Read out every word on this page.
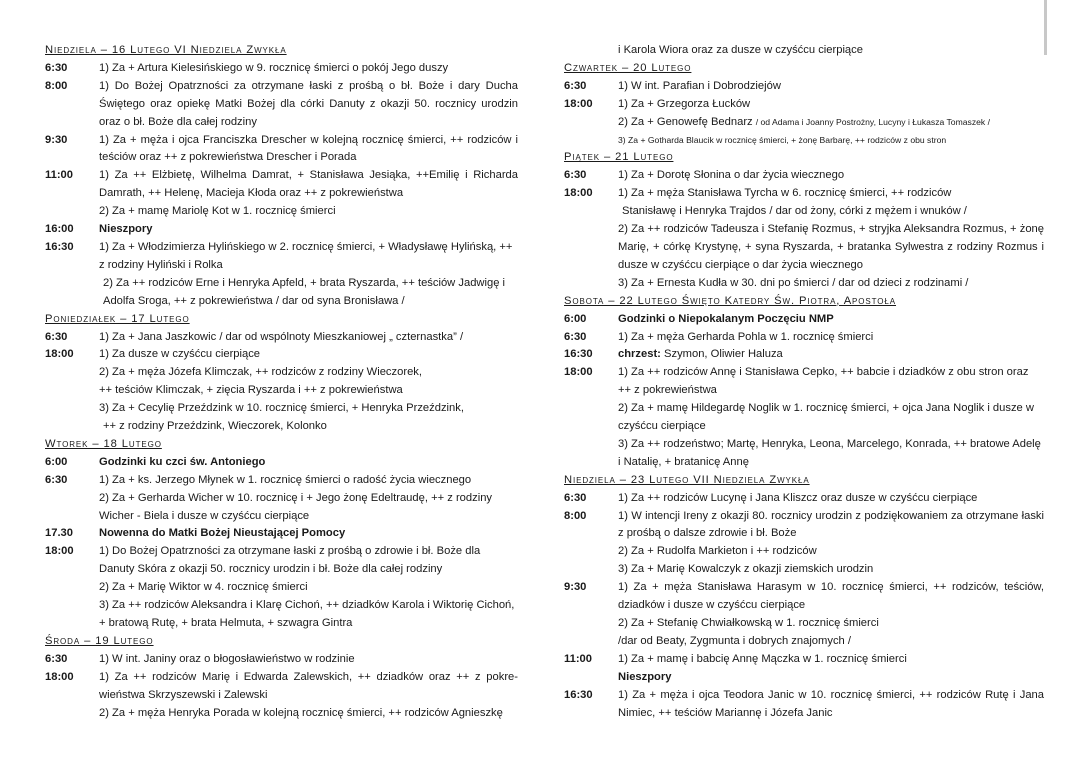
Niedziela – 16 Lutego VI Niedziela Zwykła
6:30	1) Za + Artura Kielesińskiego w 9. rocznicę śmierci o pokój Jego duszy
8:00	1) Do Bożej Opatrzności za otrzymane łaski z prośbą o bł. Boże i dary Ducha Świętego oraz opiekę Matki Bożej dla córki Danuty z okazji 50. rocznicy urodzin oraz o bł. Boże dla całej rodziny
9:30	1) Za + męża i ojca Franciszka Drescher w kolejną rocznicę śmierci, ++ rodziców i teściów oraz ++ z pokrewieństwa Drescher i Porada
11:00	1) Za ++ Elżbietę, Wilhelma Damrat, + Stanisława Jesiąka, ++Emilię i Richarda Damrath, ++ Helenę, Macieja Kłoda oraz ++ z pokrewieństwa
2) Za + mamę Mariolę Kot w 1. rocznicę śmierci
16:00	Nieszpory
16:30	1) Za + Włodzimierza Hylińskiego w 2. rocznicę śmierci, + Władysławę Hylińską, ++ z rodziny Hyliński i Rolka
2) Za ++ rodziców Erne i Henryka Apfeld, + brata Ryszarda, ++ teściów Jadwigę i Adolfa Sroga, ++ z pokrewieństwa / dar od syna Bronisława /
Poniedziałek – 17 Lutego
6:30	1) Za + Jana Jaszkowic / dar od wspólnoty Mieszkaniowej „ czternastka” /
18:00	1) Za dusze w czyśćcu cierpiące
2) Za + męża Józefa Klimczak, ++ rodziców z rodziny Wieczorek,
++ teściów Klimczak, + zięcia Ryszarda i ++ z pokrewieństwa
3) Za + Cecylię Przeździnk w 10. rocznicę śmierci, + Henryka Przeździnk,
++ z rodziny Przeździnk, Wieczorek, Kolonko
Wtorek – 18 Lutego
6:00	Godzinki ku czci św. Antoniego
6:30	1) Za + ks. Jerzego Młynek w 1. rocznicę śmierci o radość życia wiecznego
2) Za + Gerharda Wicher w 10. rocznicę i + Jego żonę Edeltraudę, ++ z rodziny Wicher - Biela i dusze w czyśćcu cierpiące
17.30	Nowenna do Matki Bożej Nieustającej Pomocy
18:00	1) Do Bożej Opatrzności za otrzymane łaski z prośbą o zdrowie i bł. Boże dla Danuty Skóra z okazji 50. rocznicy urodzin i bł. Boże dla całej rodziny
2) Za + Marię Wiktor w 4. rocznicę śmierci
3) Za ++ rodziców Aleksandra i Klarę Cichoń, ++ dziadków Karola i Wiktorię Cichoń, + bratową Rutę, + brata Helmuta, + szwagra Gintra
Środa – 19 Lutego
6:30	1) W int. Janiny oraz o błogosławieństwo w rodzinie
18:00	1) Za ++ rodziców Marię i Edwarda Zalewskich, ++ dziadków oraz ++ z pokre-wieństwa Skrzyszewski i Zalewski
2) Za + męża Henryka Porada w kolejną rocznicę śmierci, ++ rodziców Agnieszkę
i Karola Wiora oraz za dusze w czyśćcu cierpiące
Czwartek – 20 Lutego
6:30	1) W int. Parafian i Dobrodziejów
18:00	1) Za + Grzegorza Łucków
2) Za + Genowefę Bednarz / od Adama i Joanny Postrożny, Lucyny i Łukasza Tomaszek /
3) Za + Gotharda Blaucik w rocznicę śmierci, + żonę Barbarę, ++ rodziców z obu stron
Piątek – 21 Lutego
6:30	1) Za + Dorotę Słonina o dar życia wiecznego
18:00	1) Za + męża Stanisława Tyrcha w 6. rocznicę śmierci, ++ rodziców
Stanisławę i Henryka Trajdos / dar od żony, córki z mężem i wnuków /
2) Za ++ rodziców Tadeusza i Stefanię Rozmus, + stryjka Aleksandra Rozmus, + żonę Marię, + córkę Krystynę, + syna Ryszarda, + bratanka Sylwestra z rodziny Rozmus i dusze w czyśćcu cierpiące o dar życia wiecznego
3) Za + Ernesta Kudła w 30. dni po śmierci / dar od dzieci z rodzinami /
Sobota – 22 Lutego Święto Katedry Św. Piotra, Apostoła
6:00	Godzinki o Niepokalanym Poczęciu NMP
6:30	1) Za + męża Gerharda Pohla w 1. rocznicę śmierci
16:30	chrzest: Szymon, Oliwier Haluza
18:00	1) Za ++ rodziców Annę i Stanisława Cepko, ++ babcie i dziadków z obu stron oraz ++ z pokrewieństwa
2) Za + mamę Hildegardę Noglik w 1. rocznicę śmierci, + ojca Jana Noglik i dusze w czyśćcu cierpiące
3) Za ++ rodzeństwo; Martę, Henryka, Leona, Marcelego, Konrada, ++ bratowe Adelę i Natalię, + bratanicę Annę
Niedziela – 23 Lutego VII Niedziela Zwykła
6:30	1) Za ++ rodziców Lucynę i Jana Kliszcz oraz dusze w czyśćcu cierpiące
8:00	1) W intencji Ireny z okazji 80. rocznicy urodzin z podziękowaniem za otrzymane łaski z prośbą o dalsze zdrowie i bł. Boże
2) Za + Rudolfa Markieton i ++ rodziców
3) Za + Marię Kowalczyk z okazji ziemskich urodzin
9:30	1) Za + męża Stanisława Harasym w 10. rocznicę śmierci, ++ rodziców, teściów, dziadków i dusze w czyśćcu cierpiące
2) Za + Stefanię Chwiałkowską w 1. rocznicę śmierci
/dar od Beaty, Zygmunta i dobrych znajomych /
11:00	1) Za + mamę i babcię Annę Mączka w 1. rocznicę śmierci
Nieszpory
16:30	1) Za + męża i ojca Teodora Janic w 10. rocznicę śmierci, ++ rodziców Rutę i Jana Nimiec, ++ teściów Mariannę i Józefa Janic
